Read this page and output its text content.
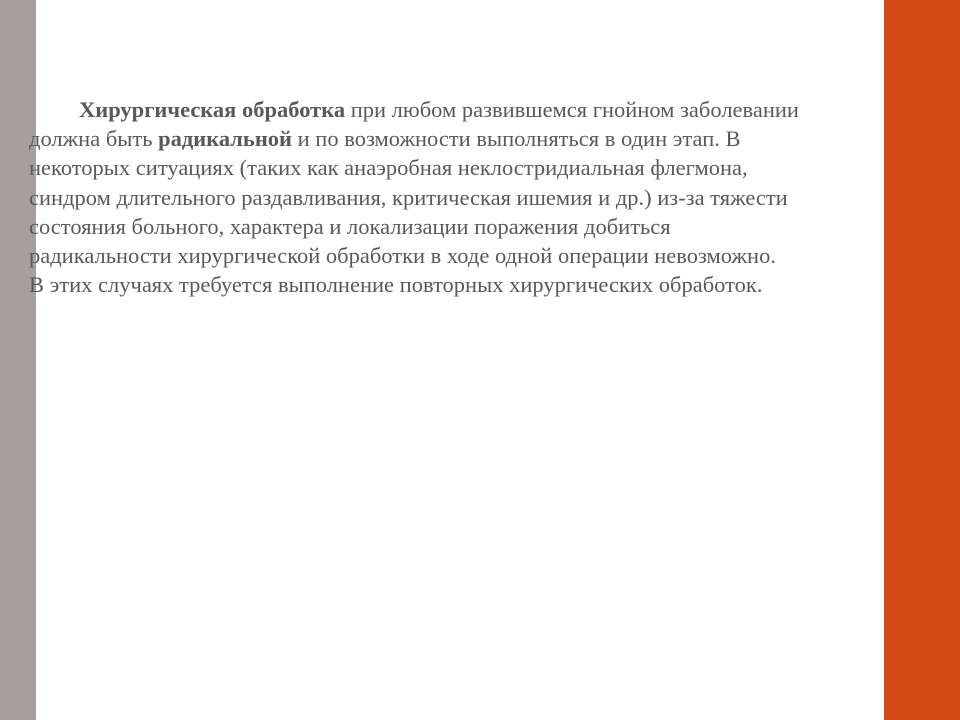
Хирургическая обработка при любом развившемся гнойном заболевании
должна быть радикальной и по возможности выполняться в один этап. В
некоторых ситуациях (таких как анаэробная неклостридиальная флегмона,
синдром длительного раздавливания, критическая ишемия и др.) из-за тяжести
состояния больного, характера и локализации поражения добиться
радикальности хирургической обработки в ходе одной операции невозможно.
В этих случаях требуется выполнение повторных хирургических обработок.
